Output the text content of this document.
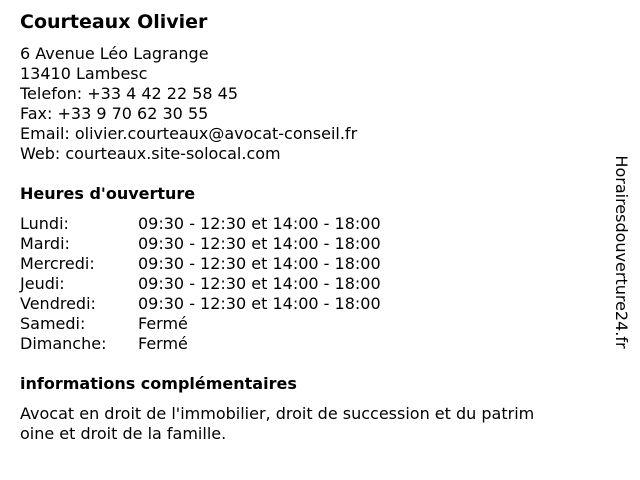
Courteaux Olivier
6 Avenue Léo Lagrange
13410 Lambesc
Telefon: +33 4 42 22 58 45
Fax: +33 9 70 62 30 55
Email: olivier.courteaux@avocat-conseil.fr
Web: courteaux.site-solocal.com
Heures d'ouverture
Lundi:	09:30 - 12:30 et 14:00 - 18:00
Mardi:	09:30 - 12:30 et 14:00 - 18:00
Mercredi:	09:30 - 12:30 et 14:00 - 18:00
Jeudi:	09:30 - 12:30 et 14:00 - 18:00
Vendredi:	09:30 - 12:30 et 14:00 - 18:00
Samedi:	Fermé
Dimanche: Fermé
informations complémentaires
Avocat en droit de l'immobilier, droit de succession et du patrim
oine et droit de la famille.
Horairesdouverture24.fr
